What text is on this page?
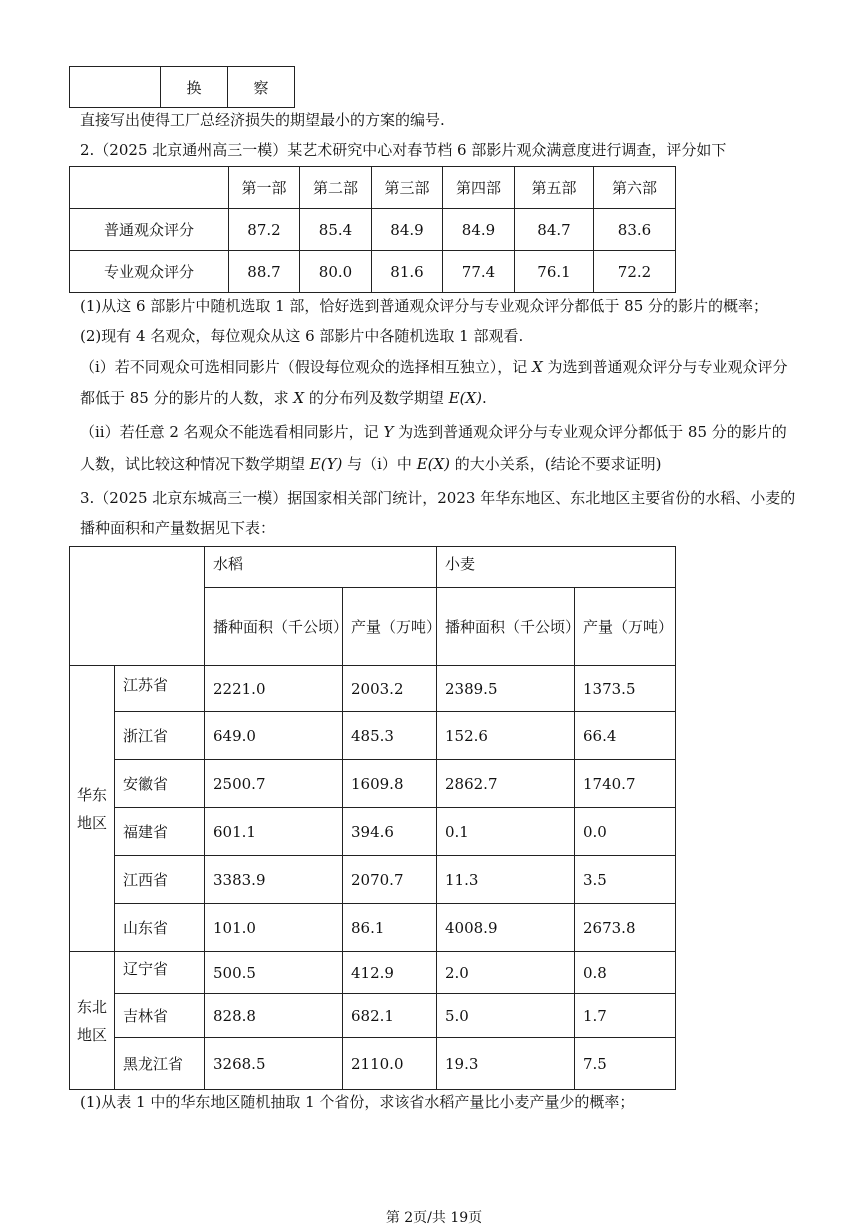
	换	察
直接写出使得工厂总经济损失的期望最小的方案的编号.
2.（2025 北京通州高三一模）某艺术研究中心对春节档 6 部影片观众满意度进行调查，评分如下
	第一部	第二部	第三部	第四部	第五部	第六部
普通观众评分	87.2	85.4	84.9	84.9	84.7	83.6
专业观众评分	88.7	80.0	81.6	77.4	76.1	72.2
(1)从这 6 部影片中随机选取 1 部，恰好选到普通观众评分与专业观众评分都低于 85 分的影片的概率；
(2)现有 4 名观众，每位观众从这 6 部影片中各随机选取 1 部观看.
（i）若不同观众可选相同影片（假设每位观众的选择相互独立），记 X 为选到普通观众评分与专业观众评分
都低于 85 分的影片的人数，求 X 的分布列及数学期望 E(X).
（ii）若任意 2 名观众不能选看相同影片，记 Y 为选到普通观众评分与专业观众评分都低于 85 分的影片的
人数，试比较这种情况下数学期望 E(Y) 与（i）中 E(X) 的大小关系，(结论不要求证明)
3.（2025 北京东城高三一模）据国家相关部门统计，2023 年华东地区、东北地区主要省份的水稻、小麦的
播种面积和产量数据见下表：
		水稻		小麦	
		播种面积（千公顷）	产量（万吨）	播种面积（千公顷）	产量（万吨）

华东地区	江苏省	2221.0	2003.2	2389.5	1373.5
	浙江省	649.0	485.3	152.6	66.4
	安徽省	2500.7	1609.8	2862.7	1740.7
	福建省	601.1	394.6	0.1	0.0
	江西省	3383.9	2070.7	11.3	3.5
	山东省	101.0	86.1	4008.9	2673.8

东北地区	辽宁省	500.5	412.9	2.0	0.8
	吉林省	828.8	682.1	5.0	1.7
	黑龙江省	3268.5	2110.0	19.3	7.5
(1)从表 1 中的华东地区随机抽取 1 个省份，求该省水稻产量比小麦产量少的概率；
第 2页/共 19页
